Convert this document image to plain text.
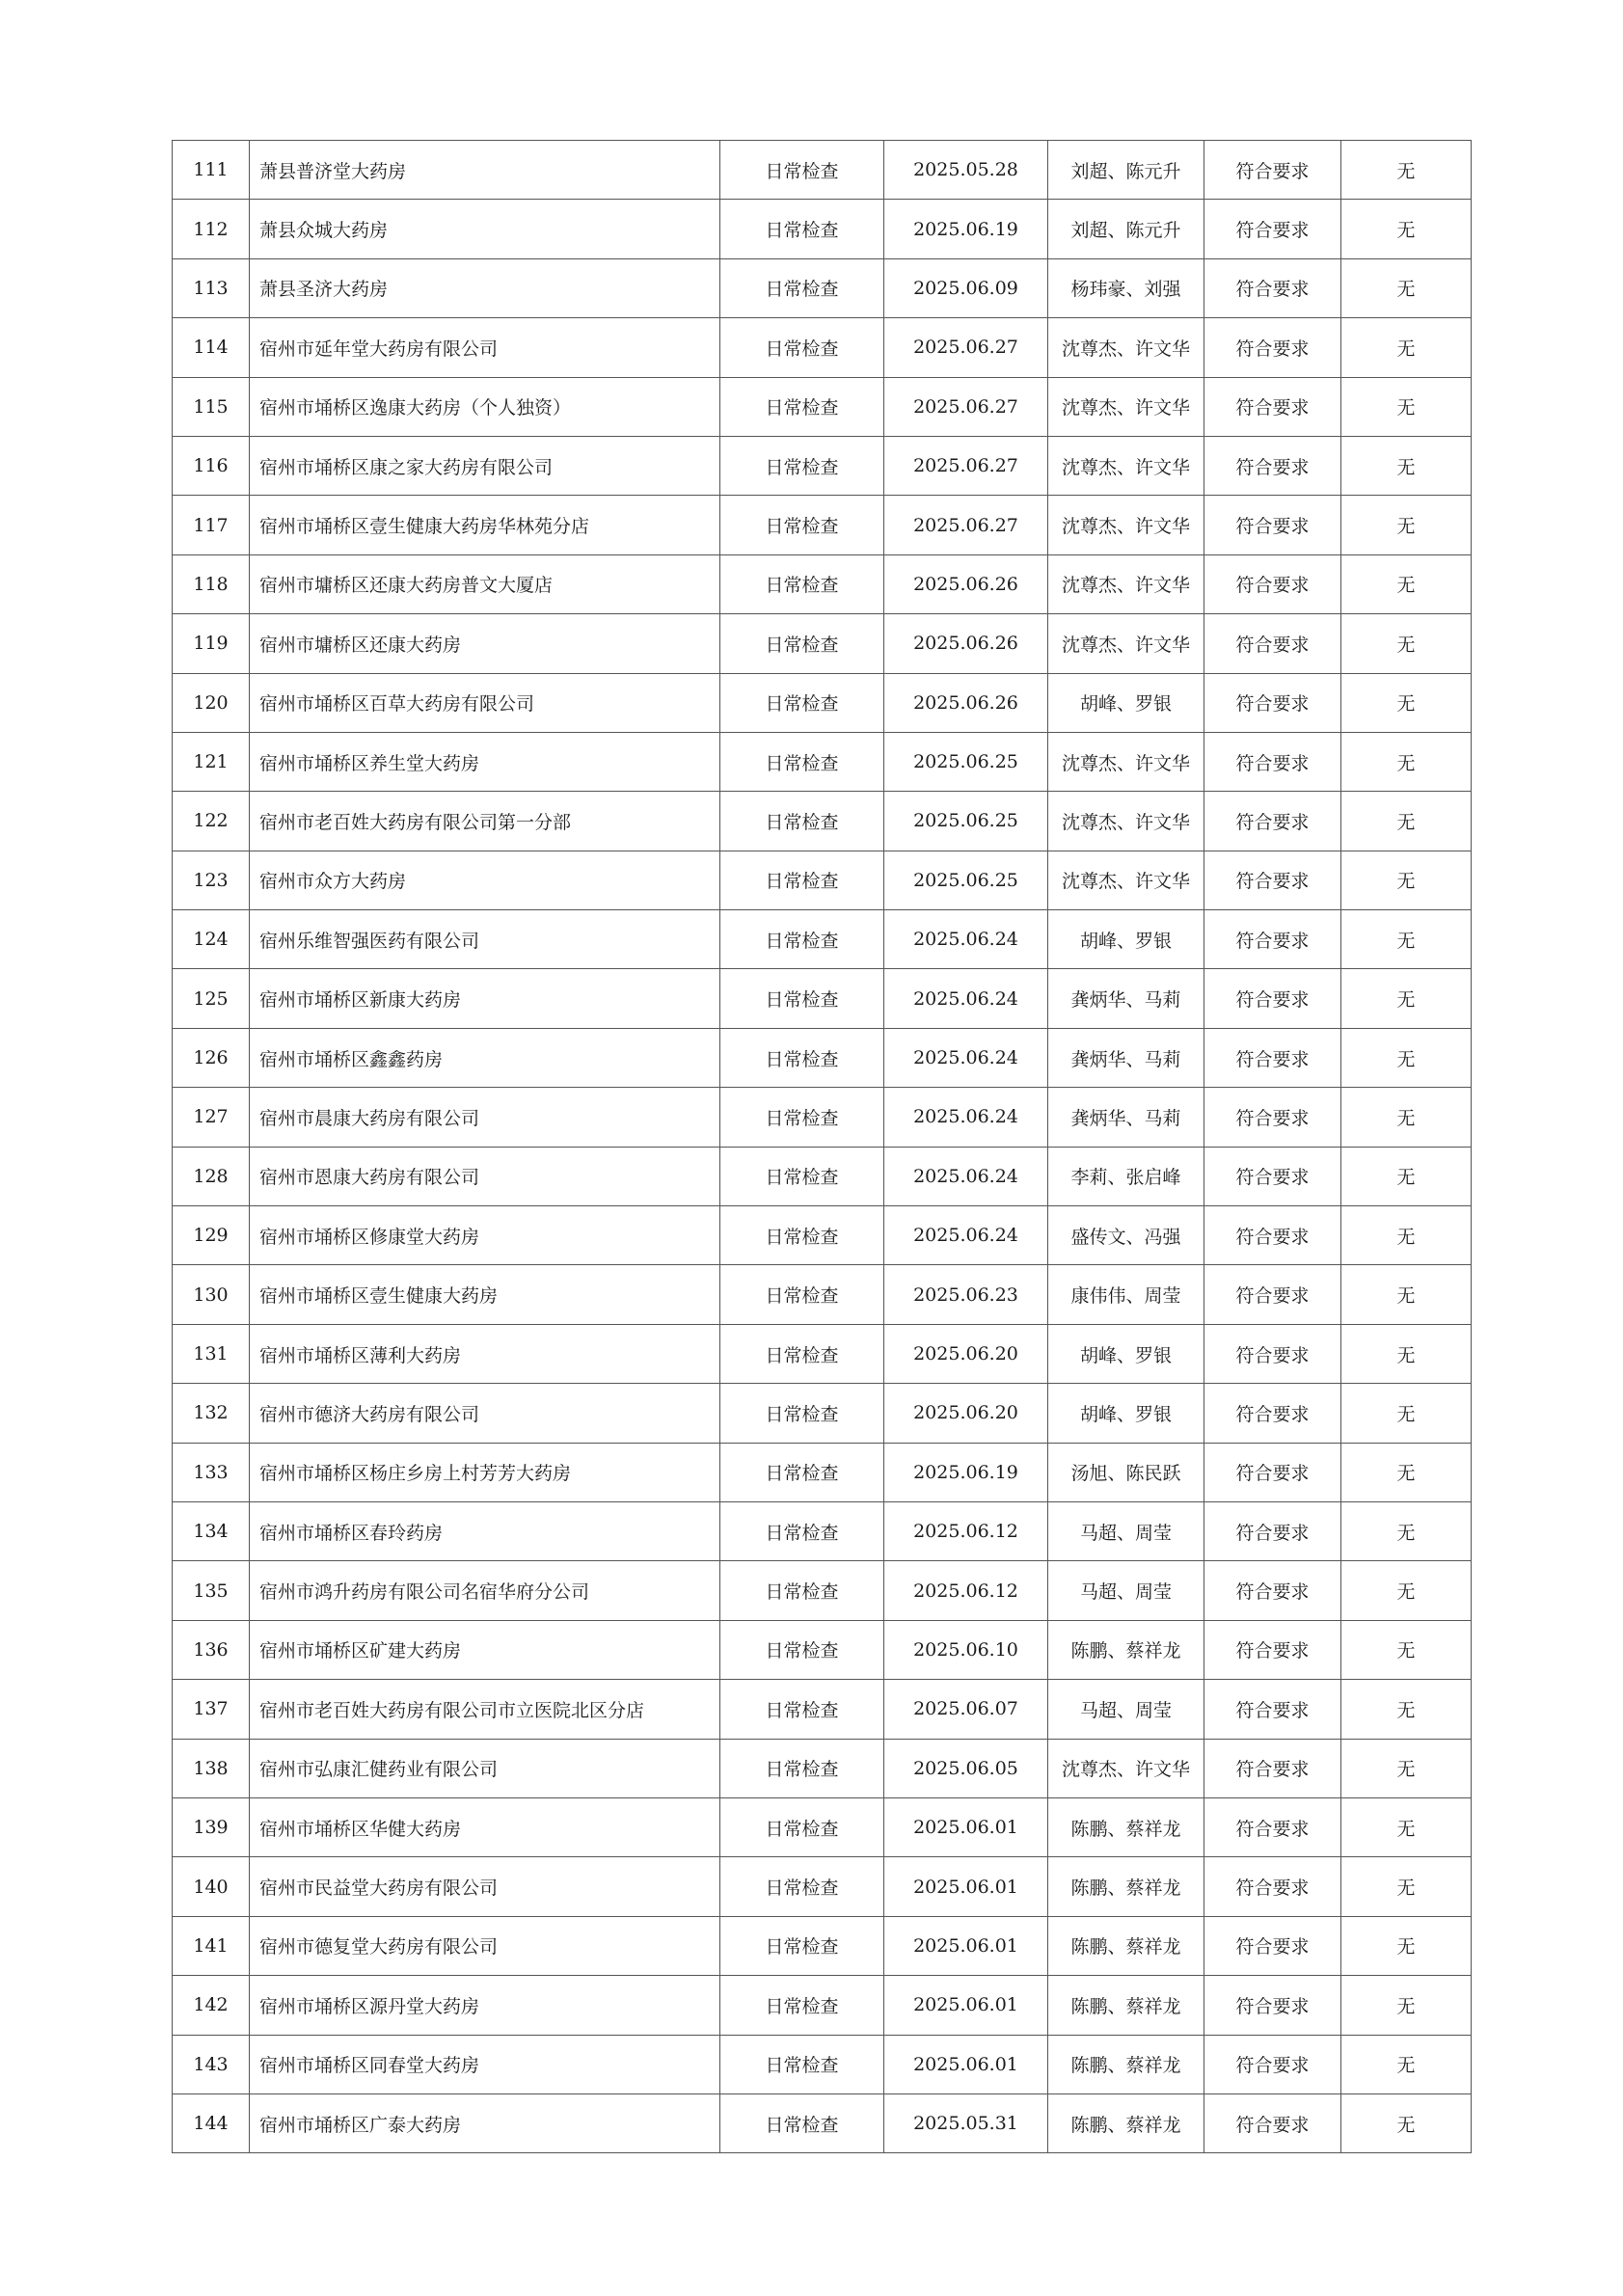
111	萧县普济堂大药房	日常检查	2025.05.28	刘超、陈元升	符合要求	无
112	萧县众城大药房	日常检查	2025.06.19	刘超、陈元升	符合要求	无
113	萧县圣济大药房	日常检查	2025.06.09	杨玮豪、刘强	符合要求	无
114	宿州市延年堂大药房有限公司	日常检查	2025.06.27	沈尊杰、许文华	符合要求	无
115	宿州市埇桥区逸康大药房（个人独资）	日常检查	2025.06.27	沈尊杰、许文华	符合要求	无
116	宿州市埇桥区康之家大药房有限公司	日常检查	2025.06.27	沈尊杰、许文华	符合要求	无
117	宿州市埇桥区壹生健康大药房华林苑分店	日常检查	2025.06.27	沈尊杰、许文华	符合要求	无
118	宿州市墉桥区还康大药房普文大厦店	日常检查	2025.06.26	沈尊杰、许文华	符合要求	无
119	宿州市墉桥区还康大药房	日常检查	2025.06.26	沈尊杰、许文华	符合要求	无
120	宿州市埇桥区百草大药房有限公司	日常检查	2025.06.26	胡峰、罗银	符合要求	无
121	宿州市埇桥区养生堂大药房	日常检查	2025.06.25	沈尊杰、许文华	符合要求	无
122	宿州市老百姓大药房有限公司第一分部	日常检查	2025.06.25	沈尊杰、许文华	符合要求	无
123	宿州市众方大药房	日常检查	2025.06.25	沈尊杰、许文华	符合要求	无
124	宿州乐维智强医药有限公司	日常检查	2025.06.24	胡峰、罗银	符合要求	无
125	宿州市埇桥区新康大药房	日常检查	2025.06.24	龚炳华、马莉	符合要求	无
126	宿州市埇桥区鑫鑫药房	日常检查	2025.06.24	龚炳华、马莉	符合要求	无
127	宿州市晨康大药房有限公司	日常检查	2025.06.24	龚炳华、马莉	符合要求	无
128	宿州市恩康大药房有限公司	日常检查	2025.06.24	李莉、张启峰	符合要求	无
129	宿州市埇桥区修康堂大药房	日常检查	2025.06.24	盛传文、冯强	符合要求	无
130	宿州市埇桥区壹生健康大药房	日常检查	2025.06.23	康伟伟、周莹	符合要求	无
131	宿州市埇桥区薄利大药房	日常检查	2025.06.20	胡峰、罗银	符合要求	无
132	宿州市德济大药房有限公司	日常检查	2025.06.20	胡峰、罗银	符合要求	无
133	宿州市埇桥区杨庄乡房上村芳芳大药房	日常检查	2025.06.19	汤旭、陈民跃	符合要求	无
134	宿州市埇桥区春玲药房	日常检查	2025.06.12	马超、周莹	符合要求	无
135	宿州市鸿升药房有限公司名宿华府分公司	日常检查	2025.06.12	马超、周莹	符合要求	无
136	宿州市埇桥区矿建大药房	日常检查	2025.06.10	陈鹏、蔡祥龙	符合要求	无
137	宿州市老百姓大药房有限公司市立医院北区分店	日常检查	2025.06.07	马超、周莹	符合要求	无
138	宿州市弘康汇健药业有限公司	日常检查	2025.06.05	沈尊杰、许文华	符合要求	无
139	宿州市埇桥区华健大药房	日常检查	2025.06.01	陈鹏、蔡祥龙	符合要求	无
140	宿州市民益堂大药房有限公司	日常检查	2025.06.01	陈鹏、蔡祥龙	符合要求	无
141	宿州市德复堂大药房有限公司	日常检查	2025.06.01	陈鹏、蔡祥龙	符合要求	无
142	宿州市埇桥区源丹堂大药房	日常检查	2025.06.01	陈鹏、蔡祥龙	符合要求	无
143	宿州市埇桥区同春堂大药房	日常检查	2025.06.01	陈鹏、蔡祥龙	符合要求	无
144	宿州市埇桥区广泰大药房	日常检查	2025.05.31	陈鹏、蔡祥龙	符合要求	无
